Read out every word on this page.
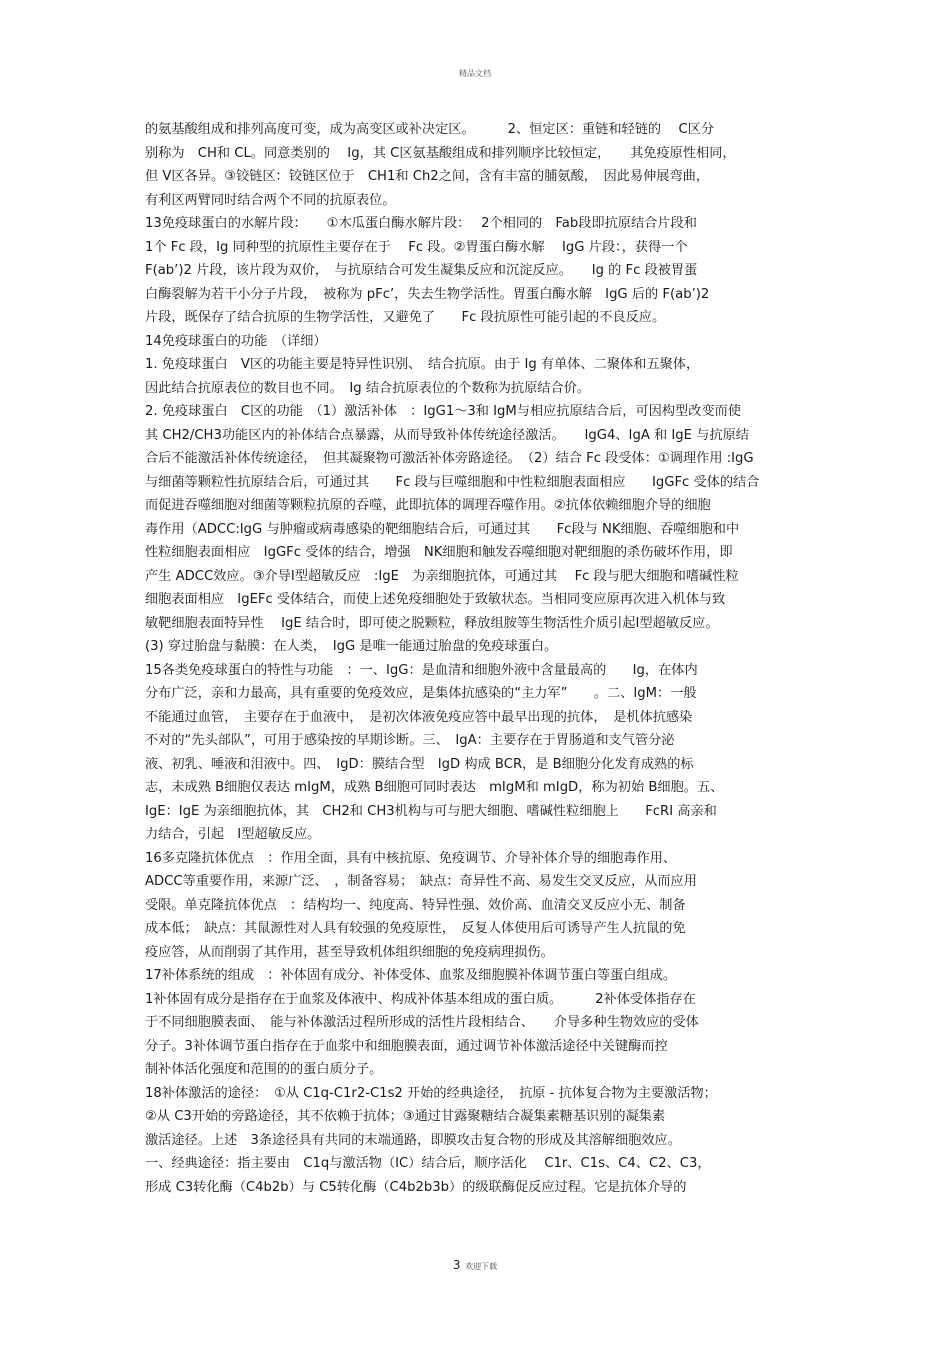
精品文档

的氨基酸组成和排列高度可变，成为高变区或补决定区。　　　2、恒定区：重链和轻链的　 C区分

别称为　CH和 CL。同意类别的　 Ig，其 C区氨基酸组成和排列顺序比较恒定，　　其免疫原性相同，

但 V区各异。③铰链区：铰链区位于　CH1和 Ch2之间，含有丰富的脯氨酸，　因此易伸展弯曲，

有利区两臂同时结合两个不同的抗原表位。

13免疫球蛋白的水解片段：　　①木瓜蛋白酶水解片段：　 2个相同的　Fab段即抗原结合片段和

1个 Fc 段，Ig 同种型的抗原性主要存在于　 Fc 段。②胃蛋白酶水解　 IgG 片段：，获得一个

F(ab’)2 片段，该片段为双价，　与抗原结合可发生凝集反应和沉淀反应。　　Ig 的 Fc 段被胃蛋

白酶裂解为若干小分子片段，　被称为 pFc’，失去生物学活性。胃蛋白酶水解　IgG 后的 F(ab’)2

片段，既保存了结合抗原的生物学活性，又避免了　　Fc 段抗原性可能引起的不良反应。

14免疫球蛋白的功能　（详细）

1. 免疫球蛋白　V区的功能主要是特异性识别、　结合抗原。由于 Ig 有单体、二聚体和五聚体，

因此结合抗原表位的数目也不同。　Ig 结合抗原表位的个数称为抗原结合价。

2. 免疫球蛋白　C区的功能　（1）激活补体　：IgG1～3和 IgM与相应抗原结合后，可因构型改变而使

其 CH2/CH3功能区内的补体结合点暴露，从而导致补体传统途径激活。　　IgG4、IgA 和 IgE 与抗原结

合后不能激活补体传统途径，　但其凝聚物可激活补体旁路途径。　（2）结合 Fc 段受体：①调理作用 :IgG

与细菌等颗粒性抗原结合后，可通过其　　Fc 段与巨噬细胞和中性粒细胞表面相应　　IgGFc 受体的结合

而促进吞噬细胞对细菌等颗粒抗原的吞噬，此即抗体的调理吞噬作用。②抗体依赖细胞介导的细胞

毒作用（ADCC:IgG 与肿瘤或病毒感染的靶细胞结合后，可通过其　　Fc段与 NK细胞、吞噬细胞和中

性粒细胞表面相应　IgGFc 受体的结合，增强　NK细胞和触发吞噬细胞对靶细胞的杀伤破坏作用，即

产生 ADCC效应。③介导Ⅰ型超敏反应　:IgE　为亲细胞抗体，可通过其　 Fc 段与肥大细胞和嗜碱性粒

细胞表面相应　IgEFc 受体结合，而使上述免疫细胞处于致敏状态。当相同变应原再次进入机体与致

敏靶细胞表面特异性　 IgE 结合时，即可使之脱颗粒，释放组胺等生物活性介质引起Ⅰ型超敏反应。

(3) 穿过胎盘与黏膜：在人类，　IgG 是唯一能通过胎盘的免疫球蛋白。

15各类免疫球蛋白的特性与功能　：一、IgG：是血清和细胞外液中含量最高的　　Ig，在体内

分布广泛，亲和力最高，具有重要的免疫效应，是集体抗感染的“主力军”　　。二、IgM：一般

不能通过血管，　主要存在于血液中，　是初次体液免疫应答中最早出现的抗体，　是机体抗感染

不对的“先头部队”，可用于感染按的早期诊断。三、　IgA：主要存在于胃肠道和支气管分泌

液、初乳、唾液和泪液中。四、　IgD：膜结合型　IgD 构成 BCR，是 B细胞分化发育成熟的标

志，未成熟 B细胞仅表达 mIgM，成熟 B细胞可同时表达　mIgM和 mIgD，称为初始 B细胞。五、

IgE：IgE 为亲细胞抗体，其　CH2和 CH3机构与可与肥大细胞、嗜碱性粒细胞上　　FcRI 高亲和

力结合，引起　Ⅰ型超敏反应。

16多克隆抗体优点　：作用全面，具有中核抗原、免疫调节、介导补体介导的细胞毒作用、

ADCC等重要作用，来源广泛、　，制备容易；　缺点：奇异性不高、易发生交叉反应，从而应用

受限。单克隆抗体优点　：结构均一、纯度高、特异性强、效价高、血清交叉反应小无、制备

成本低；　缺点：其鼠源性对人具有较强的免疫原性，　反复人体使用后可诱导产生人抗鼠的免

疫应答，从而削弱了其作用，甚至导致机体组织细胞的免疫病理损伤。

17补体系统的组成　：补体固有成分、补体受体、血浆及细胞膜补体调节蛋白等蛋白组成。

1补体固有成分是指存在于血浆及体液中、构成补体基本组成的蛋白质。　　　2补体受体指存在

于不同细胞膜表面、　能与补体激活过程所形成的活性片段相结合、　　介导多种生物效应的受体

分子。3补体调节蛋白指存在于血浆中和细胞膜表面，通过调节补体激活途径中关键酶而控

制补体活化强度和范围的的蛋白质分子。

18补体激活的途径：　①从 C1q-C1r2-C1s2 开始的经典途径，　抗原 - 抗体复合物为主要激活物；

②从 C3开始的旁路途径，其不依赖于抗体；③通过甘露聚糖结合凝集素糖基识别的凝集素

激活途径。上述　3条途径具有共同的末端通路，即膜攻击复合物的形成及其溶解细胞效应。

一、经典途径：指主要由　C1q与激活物（IC）结合后，顺序活化　 C1r、C1s、C4、C2、C3，

形成 C3转化酶（C4b2b）与 C5转化酶（C4b2b3b）的级联酶促反应过程。它是抗体介导的

3 欢迎下载
